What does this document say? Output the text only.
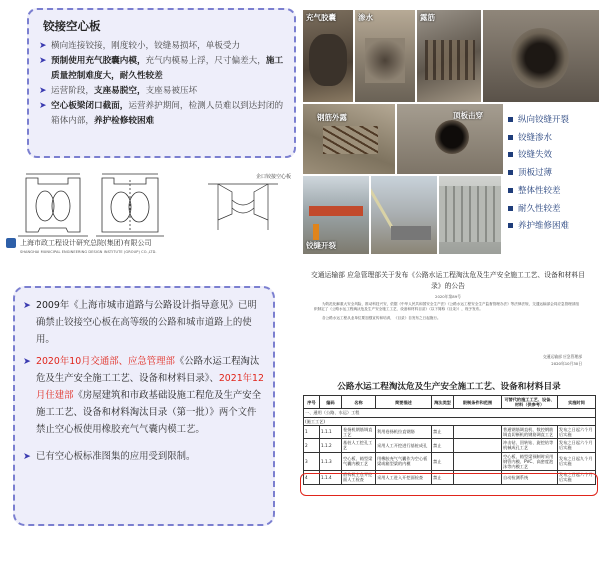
铰接空心板
➤ 横向连接铰接，刚度较小，铰缝易损坏，单板受力
➤ 预制使用充气胶囊内模，充气内模易上浮，尺寸偏差大，施工质量控制难度大，耐久性较差
➤ 运营阶段，支座易脱空，支座易被压坏
➤ 空心板梁闭口截面，运营养护期间，检测人员难以到达封闭的箱体内部，养护检修较困难
企口铰接空心板
上海市政工程设计研究总院(集团)有限公司
SHANGHAI MUNICIPAL ENGINEERING DESIGN INSTITUTE (GROUP) CO.,LTD.
充气胶囊	渗水	露筋
钢筋外露	顶板击穿
铰缝开裂
纵向铰缝开裂
铰缝渗水
铰缝失效
顶板过薄
整体性较差
耐久性较差
养护维修困难
➤ 2009年《上海市城市道路与公路设计指导意见》已明确禁止铰接空心板在高等级的公路和城市道路上的使用。
➤ 2020年10月交通部、应急管理部《公路水运工程淘汰危及生产安全施工工艺、设备和材料目录》、2021年12月住建部《房屋建筑和市政基础设施工程危及生产安全施工工艺、设备和材料淘汰目录（第一批）》两个文件禁止空心板使用橡胶充气气囊内模工艺。
➤ 已有空心板标准图集的应用受到限制。
交通运输部 应急管理部关于发布《公路水运工程淘汰危及生产安全施工工艺、设备和材料目录》的公告
2020年第89号
为防范化解重大安全风险，推动科技兴安，依据《中华人民共和国安全生产法》《公路水运工程安全生产监督管理办法》等法律法规，交通运输部会同应急管理部组织制定了《公路水运工程淘汰危及生产安全施工工艺、设备和材料目录》（以下简称《目录》），现予发布。
各公路水运工程从业单位要加强宣传和培训，《目录》自发布之日起施行。
交通运输部 应急管理部
2020年10月30日
公路水运工程淘汰危及生产安全施工工艺、设备和材料目录
序号	编码	名称	简要描述	淘汰类型	限制条件和范围	可替代的施工工艺、设备、材料（供参考）	实施时间
一、通用（公路、水运）工程							
(施工工艺)							
1	1.1.1	卷扬机钢筋调直工艺	利用卷扬机拉直钢筋	禁止		普通钢筋调直机、数控钢筋调直切断机的钢筋调直工艺	发布之日起六个月后实施
2	1.1.2	基桩人工挖孔工艺	采用人工开挖进行基桩成孔	禁止		冲击钻、回转钻、旋挖钻等机械成孔工艺	发布之日起六个月后实施
3	1.1.3	空心板、箱型梁气囊内模工艺	用橡胶充气气囊作为空心板梁或箱型梁的内模	禁止		空心板、箱型梁预制时采用钢管内模、PVC、高密度泡沫等内模工艺	发布之日起九个月后实施
4	1.1.4	盾构机土仓开挖面人工检查	采用人工进入开挖面检查	禁止		自动检测系统	发布之日起六个月后实施
